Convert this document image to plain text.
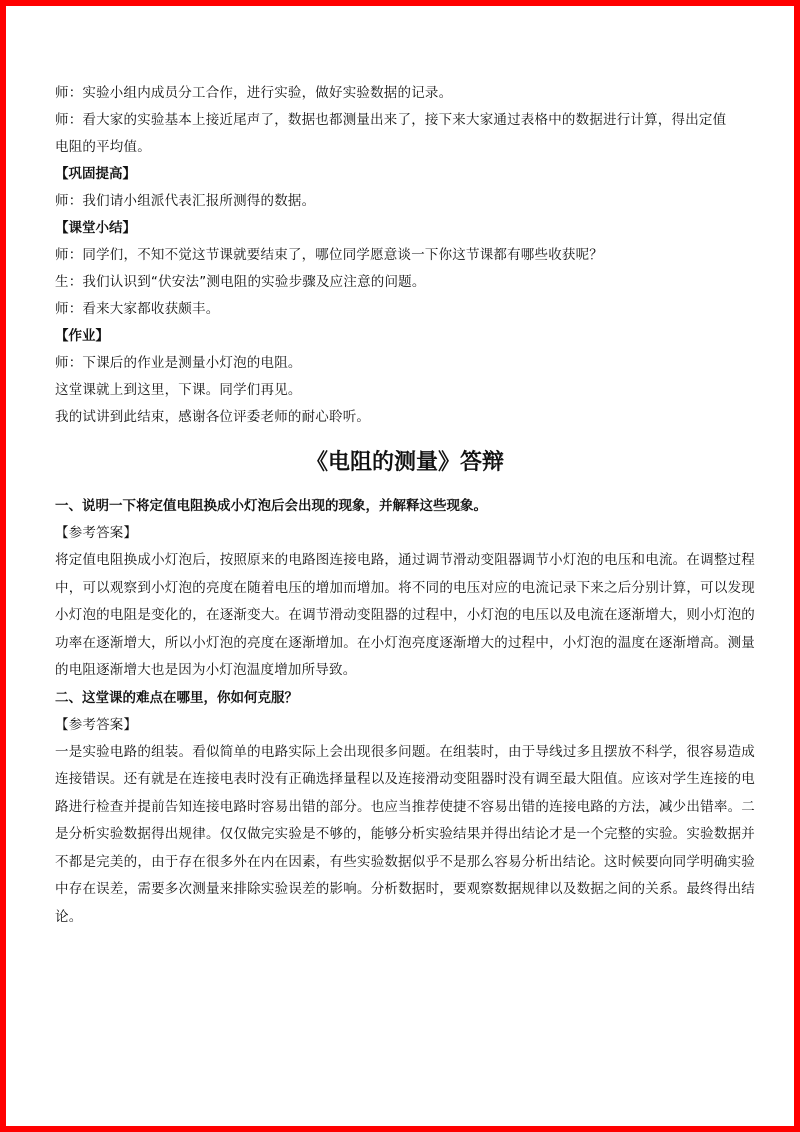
师：实验小组内成员分工合作，进行实验，做好实验数据的记录。
师：看大家的实验基本上接近尾声了，数据也都测量出来了，接下来大家通过表格中的数据进行计算，得出定值
电阻的平均值。
【巩固提高】
师：我们请小组派代表汇报所测得的数据。
【课堂小结】
师：同学们，不知不觉这节课就要结束了，哪位同学愿意谈一下你这节课都有哪些收获呢？
生：我们认识到“伏安法”测电阻的实验步骤及应注意的问题。
师：看来大家都收获颇丰。
【作业】
师：下课后的作业是测量小灯泡的电阻。
这堂课就上到这里，下课。同学们再见。
我的试讲到此结束，感谢各位评委老师的耐心聆听。
《电阻的测量》答辩
一、说明一下将定值电阻换成小灯泡后会出现的现象，并解释这些现象。
【参考答案】
将定值电阻换成小灯泡后，按照原来的电路图连接电路，通过调节滑动变阻器调节小灯泡的电压和电流。在调整过程中，可以观察到小灯泡的亮度在随着电压的增加而增加。将不同的电压对应的电流记录下来之后分别计算，可以发现小灯泡的电阻是变化的，在逐渐变大。在调节滑动变阻器的过程中，小灯泡的电压以及电流在逐渐增大，则小灯泡的功率在逐渐增大，所以小灯泡的亮度在逐渐增加。在小灯泡亮度逐渐增大的过程中，小灯泡的温度在逐渐增高。测量的电阻逐渐增大也是因为小灯泡温度增加所导致。
二、这堂课的难点在哪里，你如何克服？
【参考答案】
一是实验电路的组装。看似简单的电路实际上会出现很多问题。在组装时，由于导线过多且摆放不科学，很容易造成连接错误。还有就是在连接电表时没有正确选择量程以及连接滑动变阻器时没有调至最大阻值。应该对学生连接的电路进行检查并提前告知连接电路时容易出错的部分。也应当推荐使捷不容易出错的连接电路的方法，减少出错率。二是分析实验数据得出规律。仅仅做完实验是不够的，能够分析实验结果并得出结论才是一个完整的实验。实验数据并不都是完美的，由于存在很多外在内在因素，有些实验数据似乎不是那么容易分析出结论。这时候要向同学明确实验中存在误差，需要多次测量来排除实验误差的影响。分析数据时，要观察数据规律以及数据之间的关系。最终得出结论。
